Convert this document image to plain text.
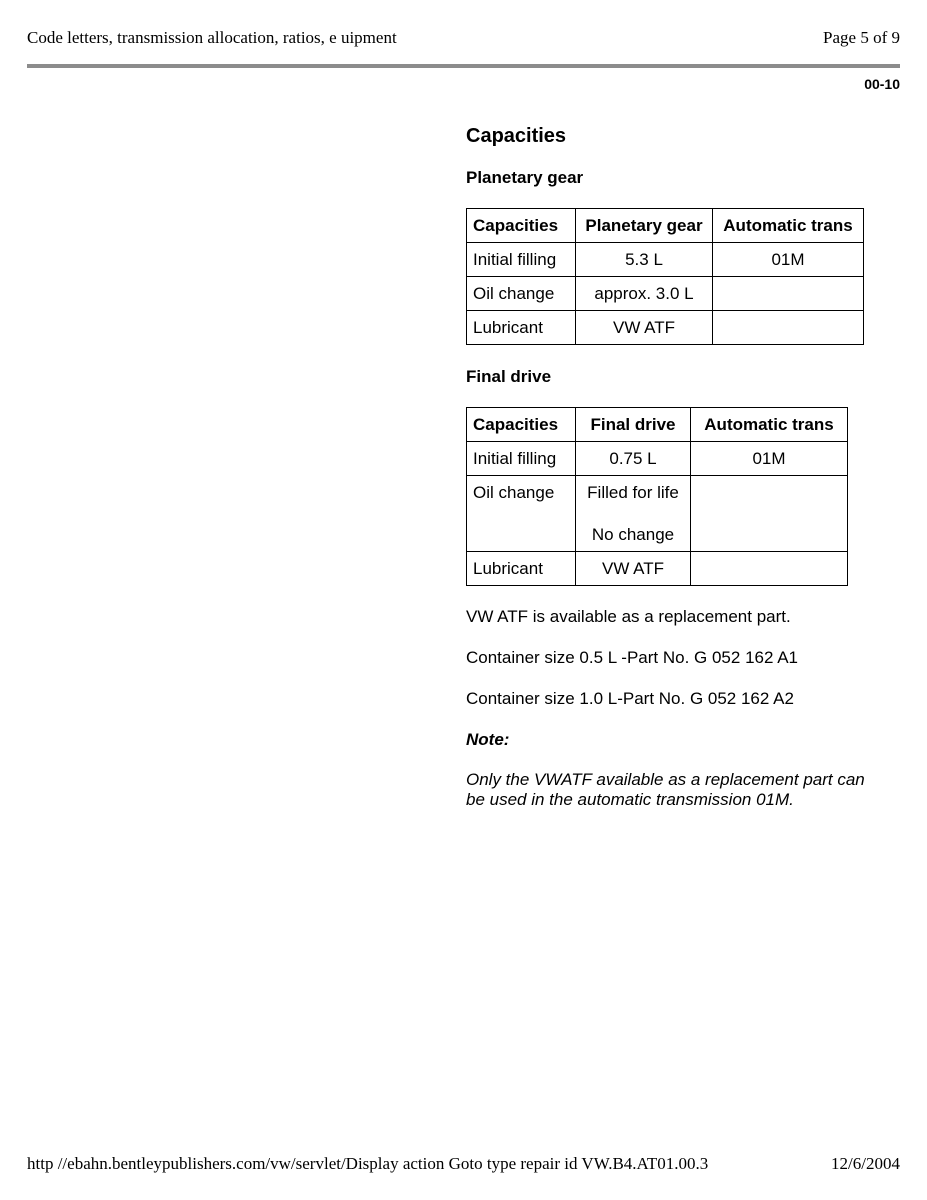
Code letters, transmission allocation, ratios, e uipment	Page 5 of 9
00-10
Capacities
Planetary gear
Capacities	Planetary gear	Automatic trans
Initial filling	5.3 L	01M
Oil change	approx. 3.0 L	
Lubricant	VW ATF	
Final drive
Capacities	Final drive	Automatic trans
Initial filling	0.75 L	01M
Oil change	Filled for life
No change	

Lubricant	VW ATF	

VW ATF is available as a replacement part.

Container size 0.5 L -Part No. G 052 162 A1

Container size 1.0 L-Part No. G 052 162 A2

Note:

Only the VWATF available as a replacement part can be used in the automatic transmission 01M.

http //ebahn.bentleypublishers.com/vw/servlet/Display action Goto type repair id VW.B4.AT01.00.3	12/6/2004
